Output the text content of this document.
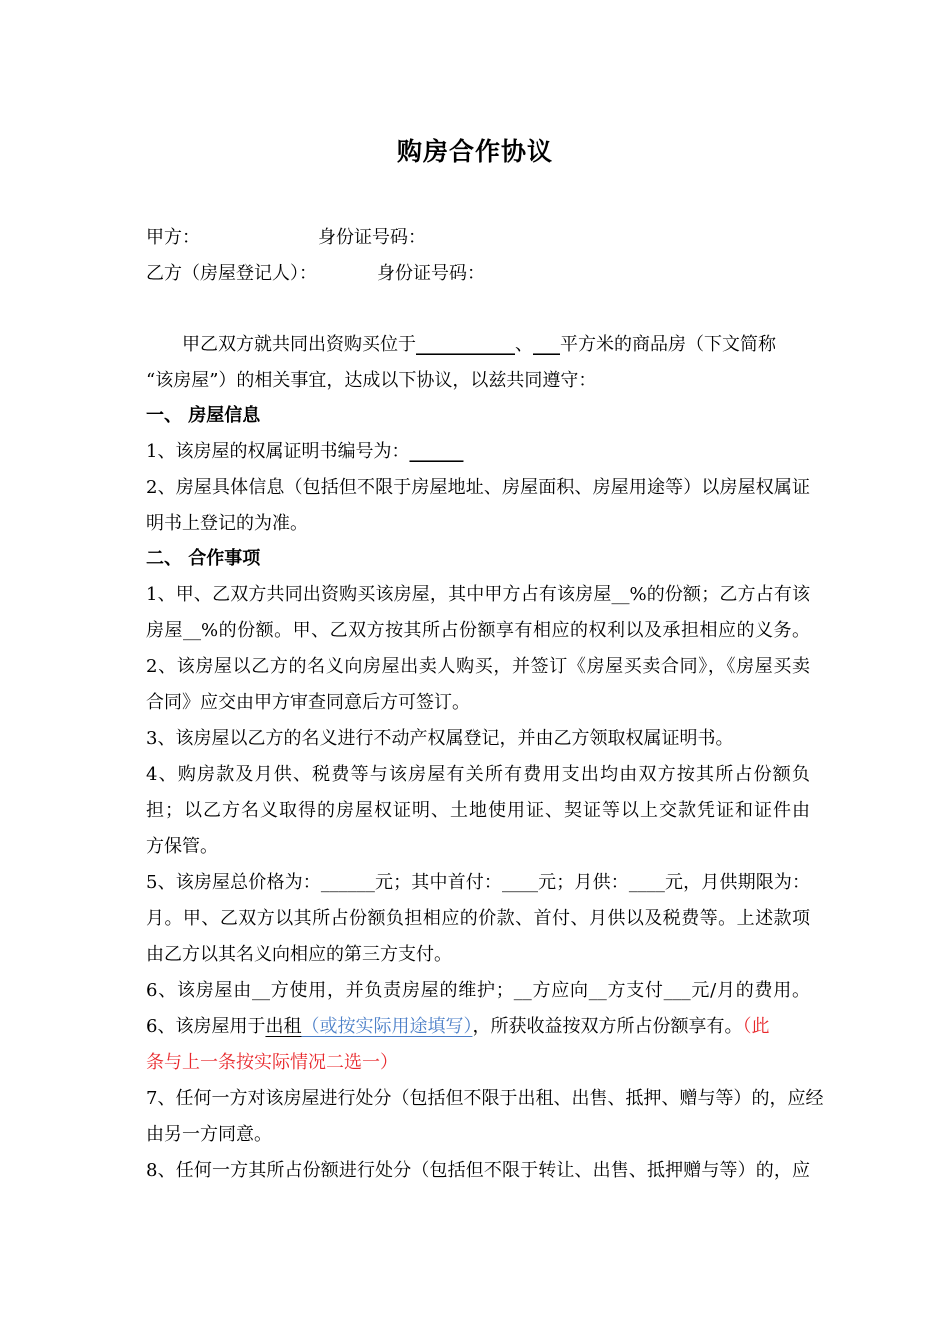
购房合作协议
甲方：	身份证号码：
乙方（房屋登记人）：	身份证号码：
甲乙双方就共同出资购买位于___________、___平方米的商品房（下文简称
“该房屋”）的相关事宜，达成以下协议，以兹共同遵守：
一、 房屋信息
1、该房屋的权属证明书编号为：______
2、房屋具体信息（包括但不限于房屋地址、房屋面积、房屋用途等）以房屋权属证
明书上登记的为准。
二、 合作事项
1、甲、乙双方共同出资购买该房屋，其中甲方占有该房屋__%的份额；乙方占有该
房屋__%的份额。甲、乙双方按其所占份额享有相应的权利以及承担相应的义务。
2、该房屋以乙方的名义向房屋出卖人购买，并签订《房屋买卖合同》，《房屋买卖
合同》应交由甲方审查同意后方可签订。
3、该房屋以乙方的名义进行不动产权属登记，并由乙方领取权属证明书。
4、购房款及月供、税费等与该房屋有关所有费用支出均由双方按其所占份额负
担；以乙方名义取得的房屋权证明、土地使用证、契证等以上交款凭证和证件由
方保管。
5、该房屋总价格为：______元；其中首付：____元；月供：____元，月供期限为：
月。甲、乙双方以其所占份额负担相应的价款、首付、月供以及税费等。上述款项
由乙方以其名义向相应的第三方支付。
6、该房屋由__方使用，并负责房屋的维护；__方应向__方支付___元/月的费用。
6、该房屋用于出租（或按实际用途填写），所获收益按双方所占份额享有。（此
条与上一条按实际情况二选一）
7、任何一方对该房屋进行处分（包括但不限于出租、出售、抵押、赠与等）的，应经
由另一方同意。
8、任何一方其所占份额进行处分（包括但不限于转让、出售、抵押赠与等）的，应
